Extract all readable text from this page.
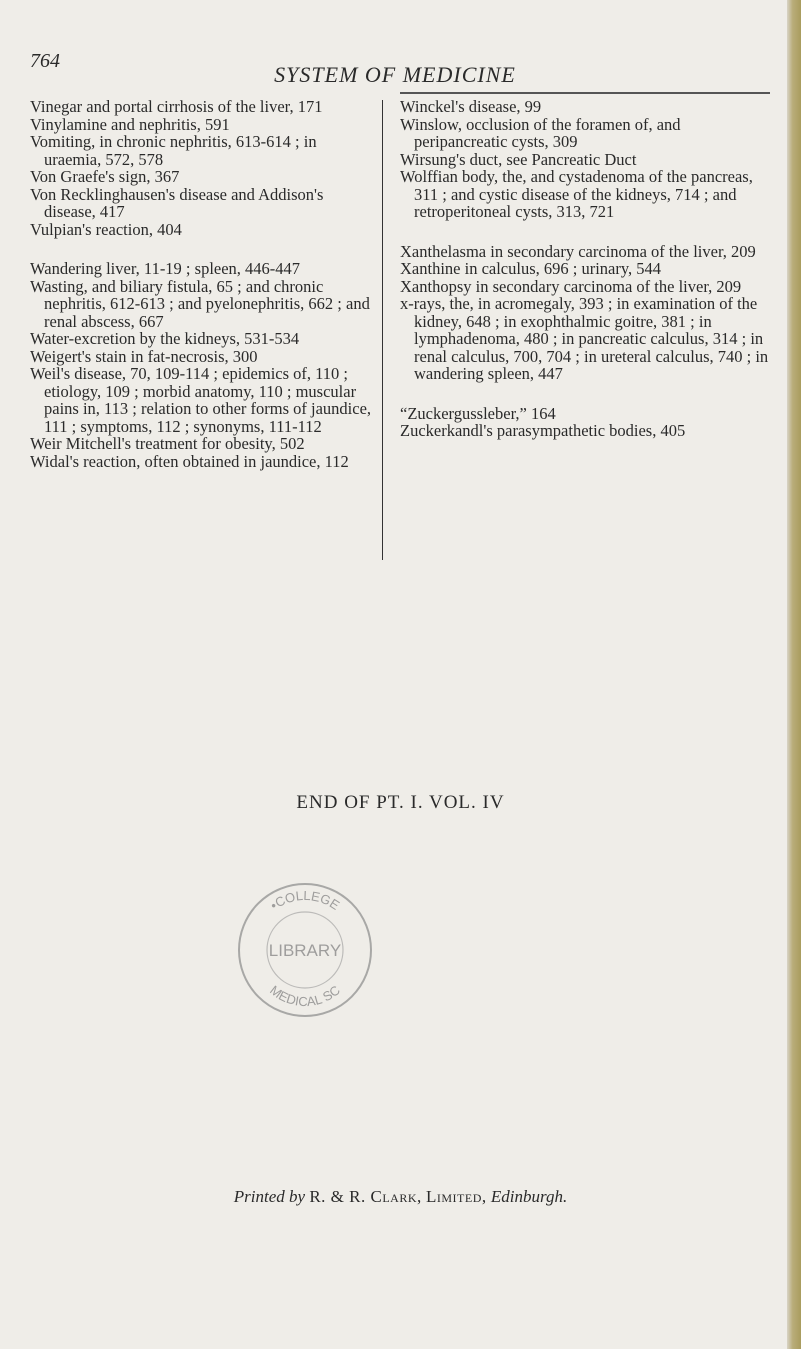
764
SYSTEM OF MEDICINE

Vinegar and portal cirrhosis of the liver, 171

Vinylamine and nephritis, 591

Vomiting, in chronic nephritis, 613-614 ; in uraemia, 572, 578

Von Graefe's sign, 367

Von Recklinghausen's disease and Addison's disease, 417

Vulpian's reaction, 404

Wandering liver, 11-19 ; spleen, 446-447

Wasting, and biliary fistula, 65 ; and chronic nephritis, 612-613 ; and pyelonephritis, 662 ; and renal abscess, 667

Water-excretion by the kidneys, 531-534

Weigert's stain in fat-necrosis, 300

Weil's disease, 70, 109-114 ; epidemics of, 110 ; etiology, 109 ; morbid anatomy, 110 ; muscular pains in, 113 ; relation to other forms of jaundice, 111 ; symptoms, 112 ; synonyms, 111-112

Weir Mitchell's treatment for obesity, 502

Widal's reaction, often obtained in jaundice, 112

Winckel's disease, 99

Winslow, occlusion of the foramen of, and peripancreatic cysts, 309

Wirsung's duct, see Pancreatic Duct

Wolffian body, the, and cystadenoma of the pancreas, 311 ; and cystic disease of the kidneys, 714 ; and retroperitoneal cysts, 313, 721

Xanthelasma in secondary carcinoma of the liver, 209

Xanthine in calculus, 696 ; urinary, 544

Xanthopsy in secondary carcinoma of the liver, 209

x-rays, the, in acromegaly, 393 ; in examination of the kidney, 648 ; in exophthalmic goitre, 381 ; in lymphadenoma, 480 ; in pancreatic calculus, 314 ; in renal calculus, 700, 704 ; in ureteral calculus, 740 ; in wandering spleen, 447

“Zuckergussleber,” 164

Zuckerkandl's parasympathetic bodies, 405

END OF PT. I. VOL. IV
•COLLEGE
LIBRARY
MEDICAL SC
Printed by R. & R. Clark, Limited, Edinburgh.
